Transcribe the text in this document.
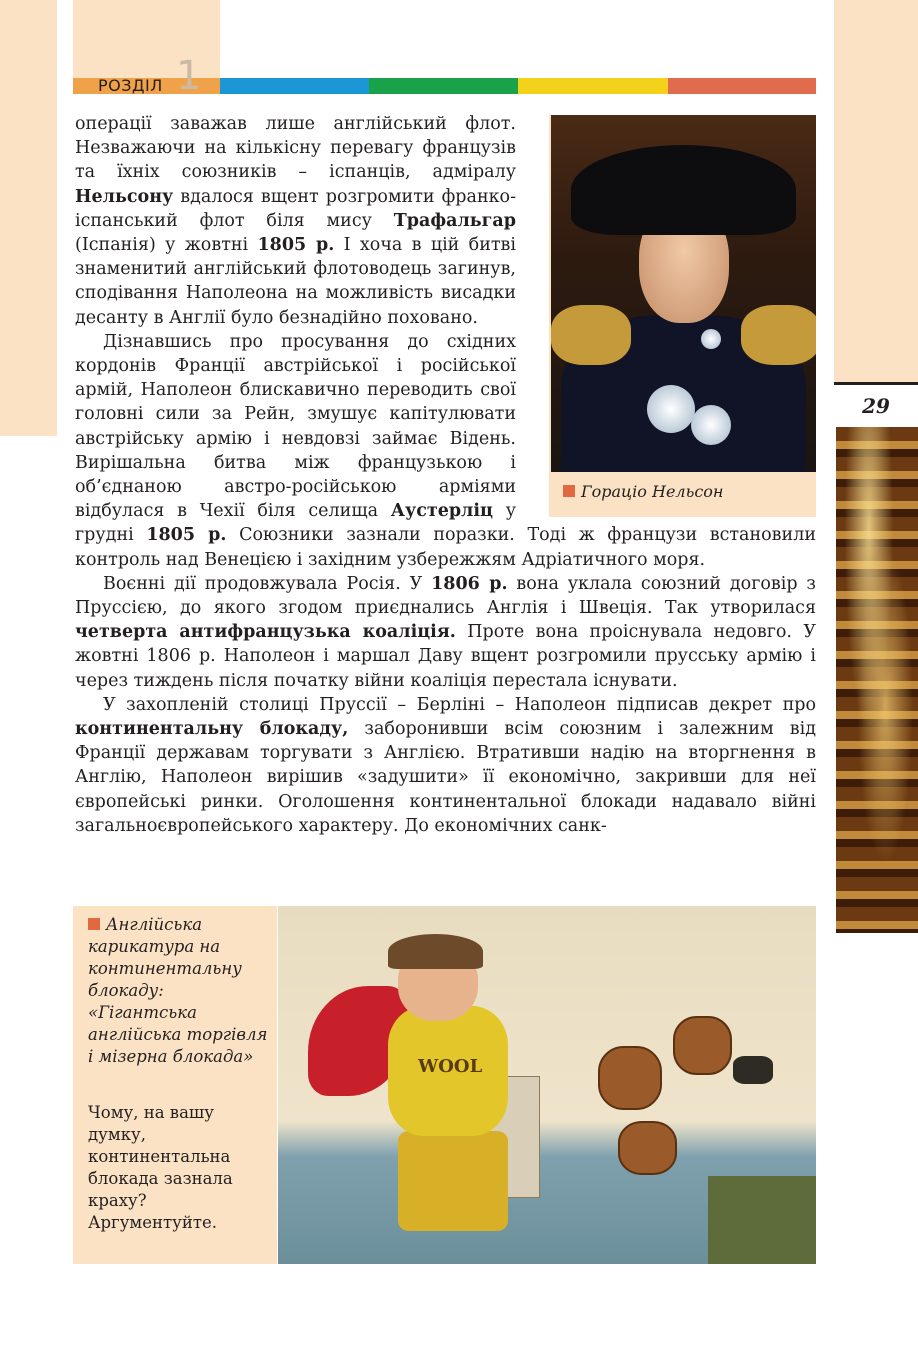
29
1
РОЗДІЛ
Гораціо Нельсон

операції заважав лише англійський флот. Незважаючи на кількісну перевагу французів та їхніх союзників – іспанців, адміралу Нельсону вдалося вщент розгромити франко-іспанський флот біля мису Трафальгар (Іспанія) у жовтні 1805 р. І хоча в цій битві знаменитий англійський флотоводець загинув, сподівання Наполеона на можливість висадки десанту в Англії було безнадійно поховано.

Дізнавшись про просування до східних кордонів Франції австрійської і російської армій, Наполеон блискавично переводить свої головні сили за Рейн, змушує капітулювати австрійську армію і невдовзі займає Відень. Вирішальна битва між французькою і об’єднаною австро-російською арміями відбулася в Чехії біля селища Аустерліц у грудні 1805 р. Союзники зазнали поразки. Тоді ж французи встановили контроль над Венецією і західним узбережжям Адріатичного моря.

Воєнні дії продовжувала Росія. У 1806 р. вона уклала союзний договір з Пруссією, до якого згодом приєднались Англія і Швеція. Так утворилася четверта антифранцузька коаліція. Проте вона проіснувала недовго. У жовтні 1806 р. Наполеон і маршал Даву вщент розгромили прусську армію і через тиждень після початку війни коаліція перестала існувати.

У захопленій столиці Пруссії – Берліні – Наполеон підписав декрет про континентальну блокаду, заборонивши всім союзним і залежним від Франції державам торгувати з Англією. Втративши надію на вторгнення в Англію, Наполеон вирішив «задушити» її економічно, закривши для неї європейські ринки. Оголошення континентальної блокади надавало війні загальноєвропейського характеру. До економічних санк-

Англійська карикатура на континентальну блокаду: «Гігантська англійська торгівля і мізерна блокада»
Чому, на вашу думку, континентальна блокада зазнала краху? Аргументуйте.
WOOL
